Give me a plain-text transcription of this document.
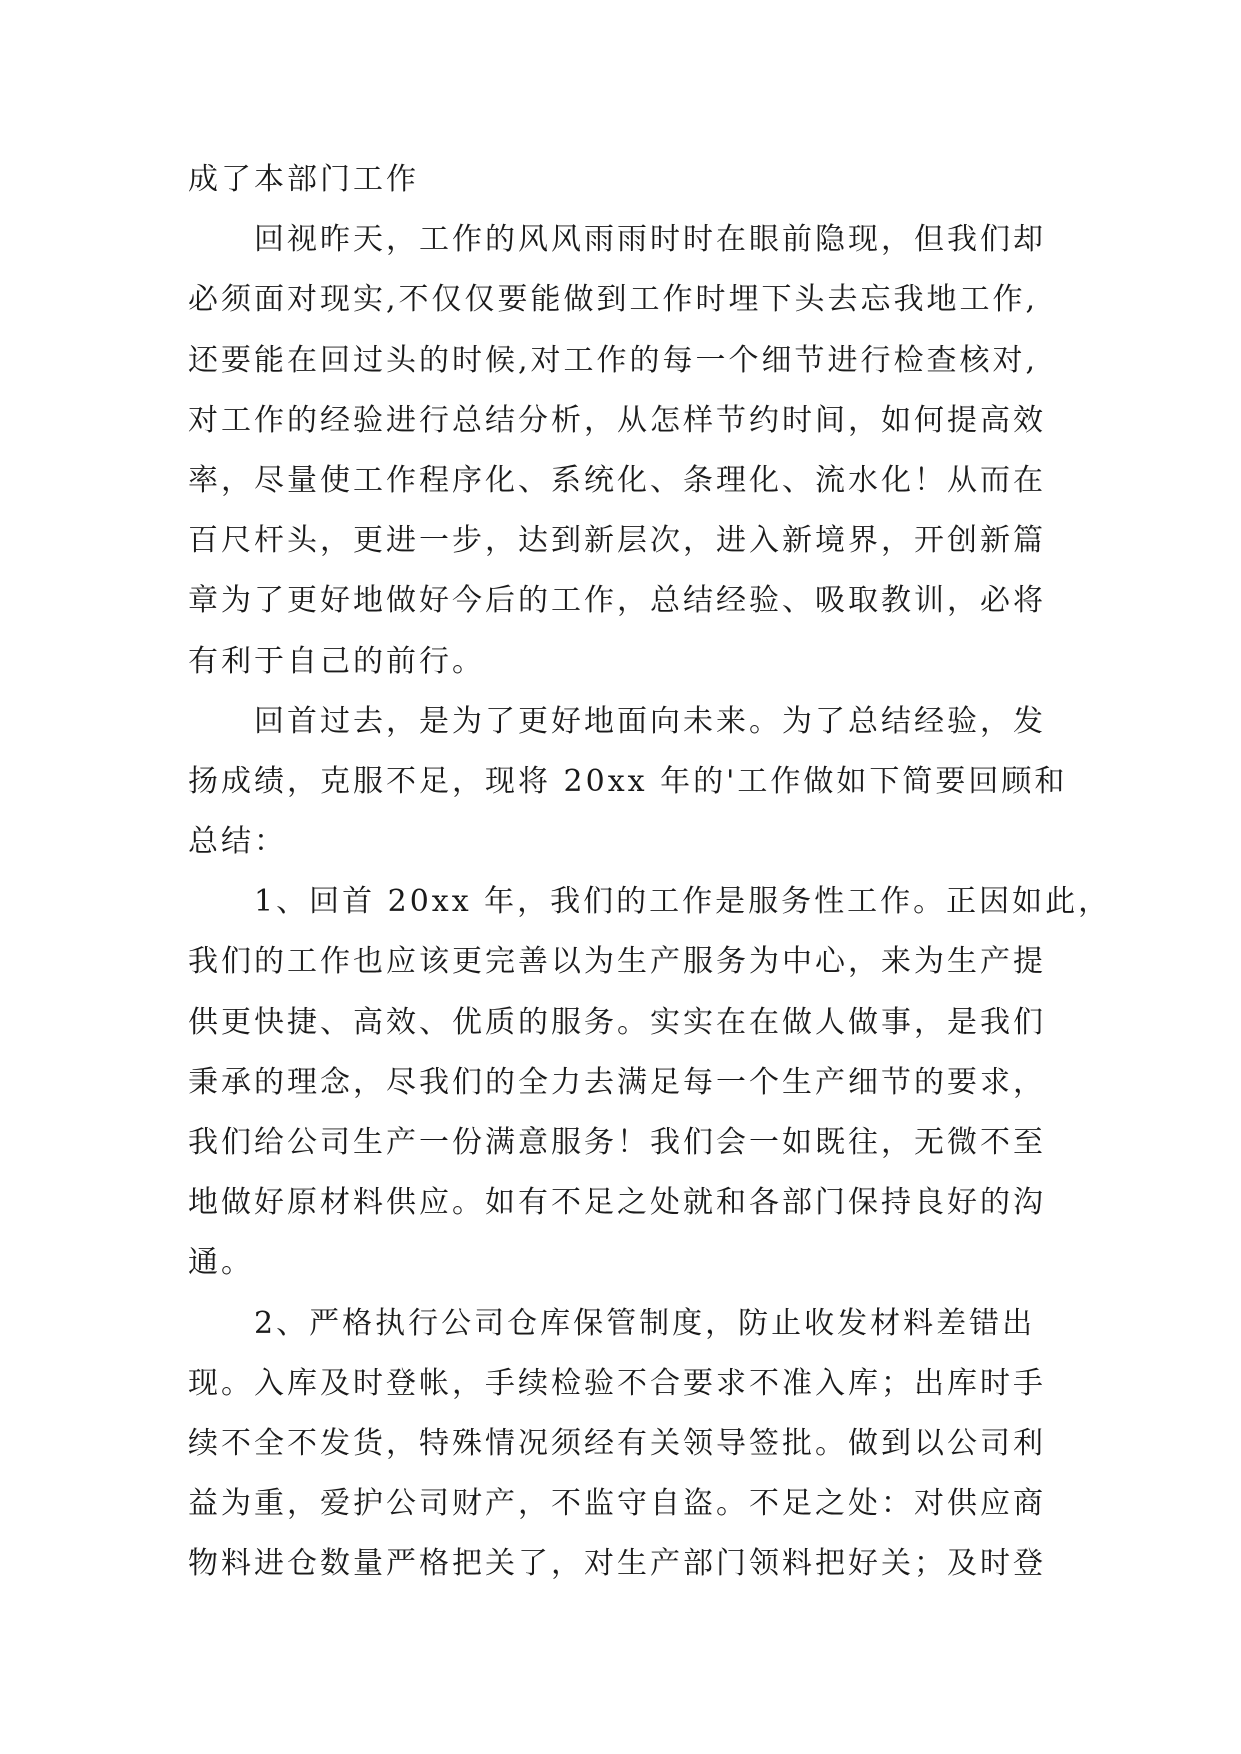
成了本部门工作
回视昨天，工作的风风雨雨时时在眼前隐现，但我们却
必须面对现实,不仅仅要能做到工作时埋下头去忘我地工作,
还要能在回过头的时候,对工作的每一个细节进行检查核对,
对工作的经验进行总结分析，从怎样节约时间，如何提高效
率，尽量使工作程序化、系统化、条理化、流水化！从而在
百尺杆头，更进一步，达到新层次，进入新境界，开创新篇
章为了更好地做好今后的工作，总结经验、吸取教训，必将
有利于自己的前行。
回首过去，是为了更好地面向未来。为了总结经验，发
扬成绩，克服不足，现将 20xx 年的'工作做如下简要回顾和
总结：
1、回首 20xx 年，我们的工作是服务性工作。正因如此，
我们的工作也应该更完善以为生产服务为中心，来为生产提
供更快捷、高效、优质的服务。实实在在做人做事，是我们
秉承的理念，尽我们的全力去满足每一个生产细节的要求，
我们给公司生产一份满意服务！我们会一如既往，无微不至
地做好原材料供应。如有不足之处就和各部门保持良好的沟
通。
2、严格执行公司仓库保管制度，防止收发材料差错出
现。入库及时登帐，手续检验不合要求不准入库；出库时手
续不全不发货，特殊情况须经有关领导签批。做到以公司利
益为重，爱护公司财产，不监守自盗。不足之处：对供应商
物料进仓数量严格把关了，对生产部门领料把好关；及时登
